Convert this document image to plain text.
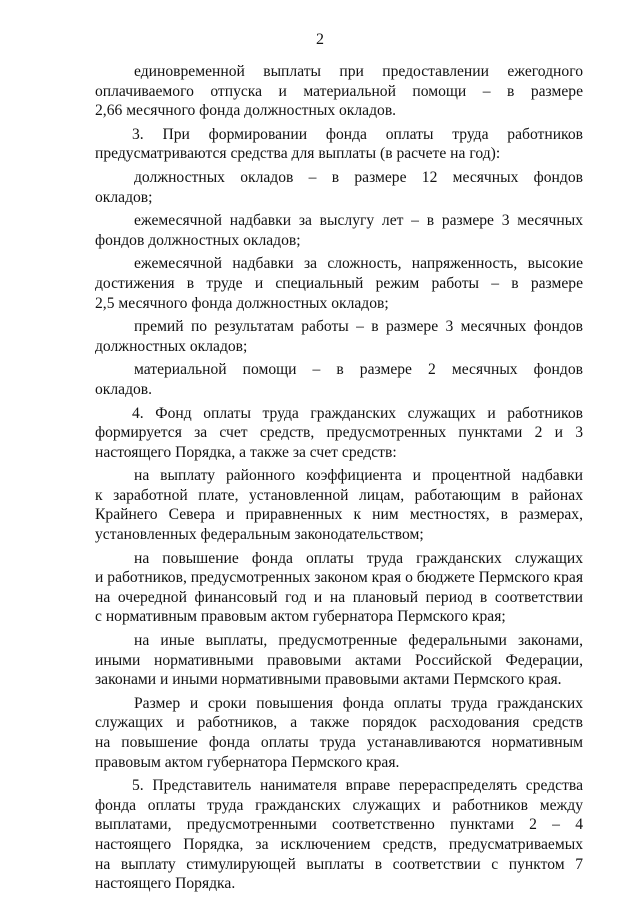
2
единовременной выплаты при предоставлении ежегодного
оплачиваемого отпуска и материальной помощи – в размере
2,66 месячного фонда должностных окладов.
3. При формировании фонда оплаты труда работников
предусматриваются средства для выплаты (в расчете на год):
должностных окладов – в размере 12 месячных фондов
окладов;
ежемесячной надбавки за выслугу лет – в размере 3 месячных
фондов должностных окладов;
ежемесячной надбавки за сложность, напряженность, высокие
достижения в труде и специальный режим работы – в размере
2,5 месячного фонда должностных окладов;
премий по результатам работы – в размере 3 месячных фондов
должностных окладов;
материальной помощи – в размере 2 месячных фондов
окладов.
4. Фонд оплаты труда гражданских служащих и работников
формируется за счет средств, предусмотренных пунктами 2 и 3
настоящего Порядка, а также за счет средств:
на выплату районного коэффициента и процентной надбавки
к заработной плате, установленной лицам, работающим в районах
Крайнего Севера и приравненных к ним местностях, в размерах,
установленных федеральным законодательством;
на повышение фонда оплаты труда гражданских служащих
и работников, предусмотренных законом края о бюджете Пермского края
на очередной финансовый год и на плановый период в соответствии
с нормативным правовым актом губернатора Пермского края;
на иные выплаты, предусмотренные федеральными законами,
иными нормативными правовыми актами Российской Федерации,
законами и иными нормативными правовыми актами Пермского края.
Размер и сроки повышения фонда оплаты труда гражданских
служащих и работников, а также порядок расходования средств
на повышение фонда оплаты труда устанавливаются нормативным
правовым актом губернатора Пермского края.
5. Представитель нанимателя вправе перераспределять средства
фонда оплаты труда гражданских служащих и работников между
выплатами, предусмотренными соответственно пунктами 2 – 4
настоящего Порядка, за исключением средств, предусматриваемых
на выплату стимулирующей выплаты в соответствии с пунктом 7
настоящего Порядка.
